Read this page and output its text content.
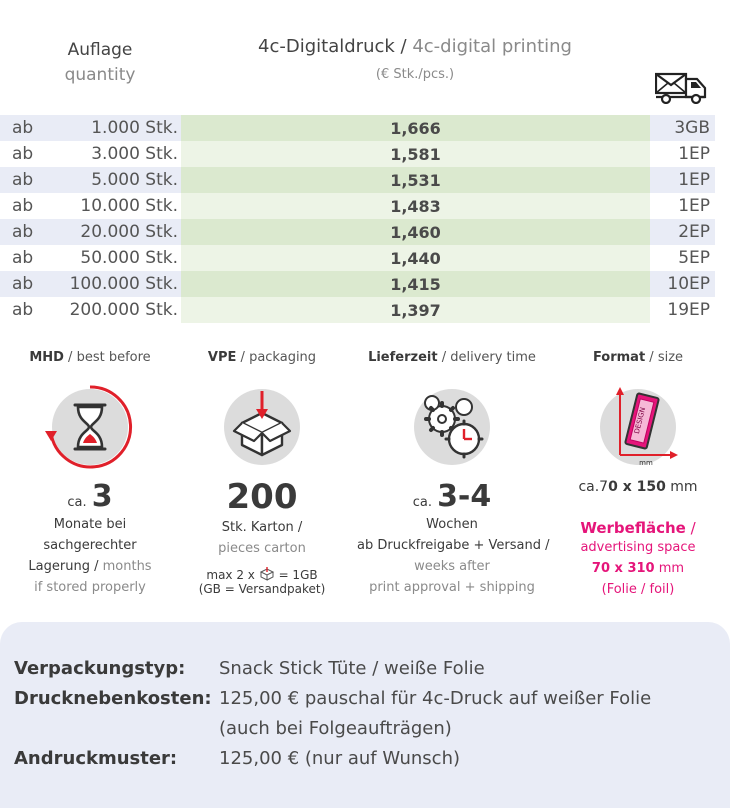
Auflage
quantity
4c-Digitaldruck / 4c-digital printing
(€ Stk./pcs.)
ab	1.000 Stk.	1,666	3GB
ab	3.000 Stk.	1,581	1EP
ab	5.000 Stk.	1,531	1EP
ab	10.000 Stk.	1,483	1EP
ab	20.000 Stk.	1,460	2EP
ab	50.000 Stk.	1,440	5EP
ab	100.000 Stk.	1,415	10EP
ab	200.000 Stk.	1,397	19EP
MHD / best before
ca. 3
Monate bei
sachgerechter
Lagerung / months
if stored properly
VPE / packaging
200
Stk. Karton /
pieces carton
max 2 x = 1GB
(GB = Versandpaket)
Lieferzeit / delivery time
ca. 3-4
Wochen
ab Druckfreigabe + Versand /
weeks after
print approval + shipping
Format / size
DESIGN
mm
ca.70 x 150 mm
Werbefläche /
advertising space
70 x 310 mm
(Folie / foil)
Verpackungstyp: Snack Stick Tüte / weiße Folie
Drucknebenkosten: 125,00 € pauschal für 4c-Druck auf weißer Folie
(auch bei Folgeaufträgen)
Andruckmuster: 125,00 € (nur auf Wunsch)
